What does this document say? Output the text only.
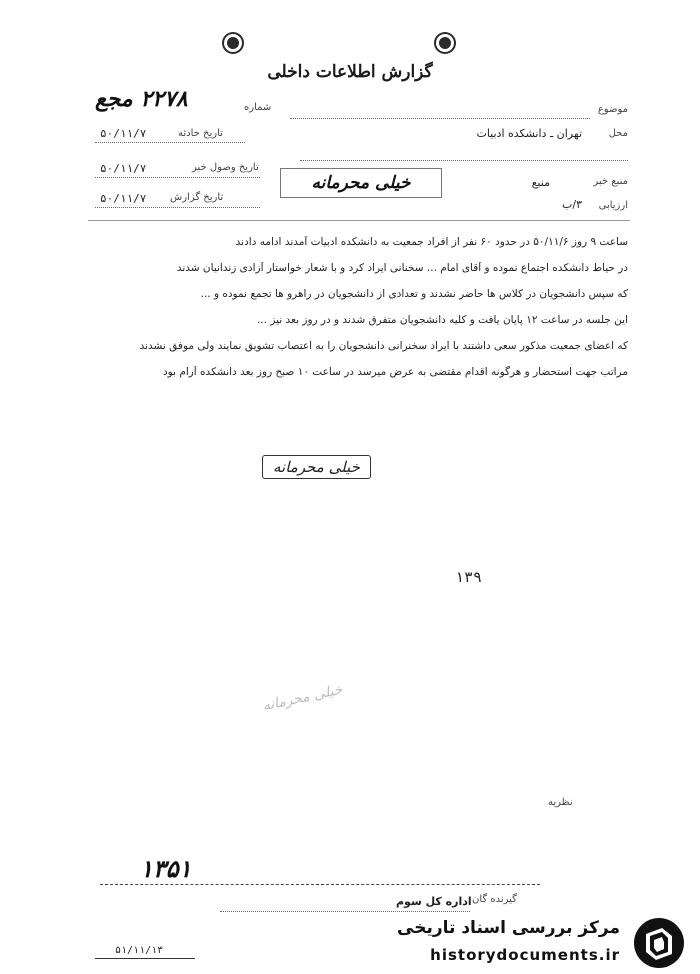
گزارش اطلاعات داخلی
موضوع
شماره
۲۲۷۸ مجع
محل
تهران ـ دانشکده ادبیات
تاریخ حادثه
۵۰/۱۱/۷
منبع خبر
منبع
تاریخ وصول خبر
۵۰/۱۱/۷
خیلی محرمانه
تاریخ گزارش
۵۰/۱۱/۷
ارزیابی
۳/ب
ساعت ۹ روز ۵۰/۱۱/۶ در حدود ۶۰ نفر از افراد جمعیت به دانشکده ادبیات آمدند ادامه دادند
در حیاط دانشکده اجتماع نموده و آقای امام ... سخنانی ایراد کرد و با شعار خواستار آزادی زندانیان شدند
که سپس دانشجویان در کلاس ها حاضر نشدند و تعدادی از دانشجویان در راهرو ها تجمع نموده و ...
این جلسه در ساعت ۱۲ پایان یافت و کلیه دانشجویان متفرق شدند و در روز بعد نیز ...
که اعضای جمعیت مذکور سعی داشتند با ایراد سخنرانی دانشجویان را به اعتصاب تشویق نمایند ولی موفق نشدند
مراتب جهت استحضار و هرگونه اقدام مقتضی به عرض میرسد در ساعت ۱۰ صبح روز بعد دانشکده آرام بود
خیلی محرمانه
۱۳۹
خیلی محرمانه
نظریه
۱۳۵۱
گیرنده گان
اداره کل سوم
۵۱/۱۱/۱۳
مرکز بررسی اسناد تاریخی
historydocuments.ir
